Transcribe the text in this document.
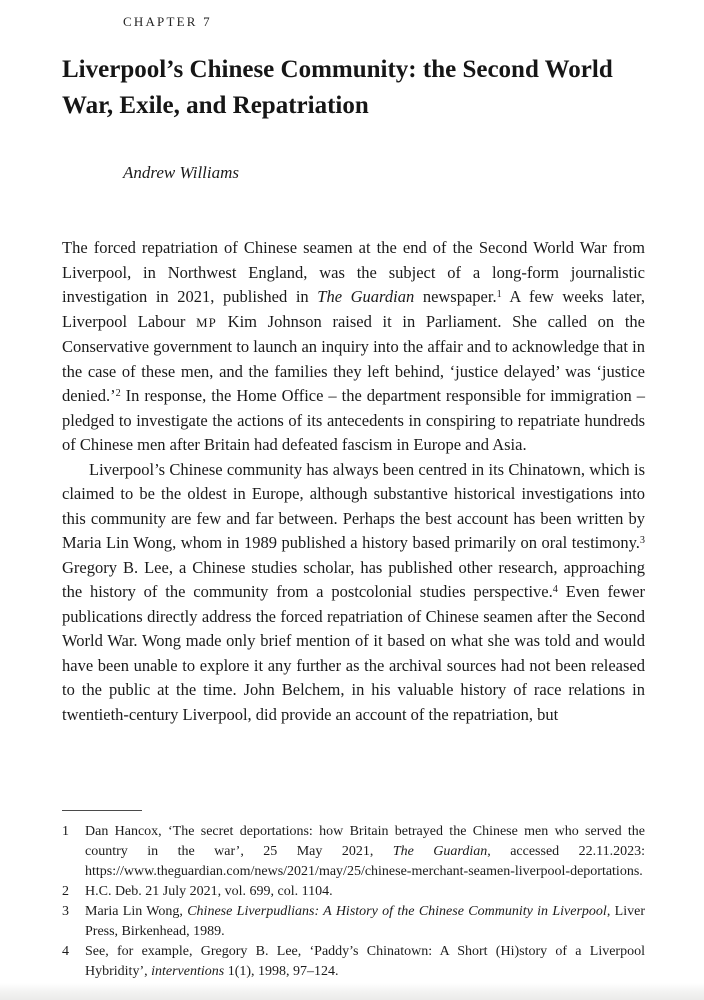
CHAPTER 7
Liverpool’s Chinese Community: the Second World
War, Exile, and Repatriation
Andrew Williams

The forced repatriation of Chinese seamen at the end of the Second World War from Liverpool, in Northwest England, was the subject of a long-form journalistic investigation in 2021, published in The Guardian newspaper.$^1$ A few weeks later, Liverpool Labour MP Kim Johnson raised it in Parliament. She called on the Conservative government to launch an inquiry into the affair and to acknowledge that in the case of these men, and the families they left behind, ‘justice delayed’ was ‘justice denied.’$^2$ In response, the Home Office – the department responsible for immigration – pledged to investigate the actions of its antecedents in conspiring to repatriate hundreds of Chinese men after Britain had defeated fascism in Europe and Asia.

Liverpool’s Chinese community has always been centred in its Chinatown, which is claimed to be the oldest in Europe, although substantive historical investigations into this community are few and far between. Perhaps the best account has been written by Maria Lin Wong, whom in 1989 published a history based primarily on oral testimony.$^3$ Gregory B. Lee, a Chinese studies scholar, has published other research, approaching the history of the community from a postcolonial studies perspective.$^4$ Even fewer publications directly address the forced repatriation of Chinese seamen after the Second World War. Wong made only brief mention of it based on what she was told and would have been unable to explore it any further as the archival sources had not been released to the public at the time. John Belchem, in his valuable history of race relations in twentieth-century Liverpool, did provide an account of the repatriation, but

1	Dan Hancox, ‘The secret deportations: how Britain betrayed the Chinese men who served the country in the war’, 25 May 2021, The Guardian, accessed 22.11.2023: https://www.theguardian.com/news/2021/may/25/chinese-merchant-seamen-liverpool-deportations.
2	H.C. Deb. 21 July 2021, vol. 699, col. 1104.
3	Maria Lin Wong, Chinese Liverpudlians: A History of the Chinese Community in Liverpool, Liver Press, Birkenhead, 1989.
4	See, for example, Gregory B. Lee, ‘Paddy’s Chinatown: A Short (Hi)story of a Liverpool Hybridity’, interventions 1(1), 1998, 97–124.
